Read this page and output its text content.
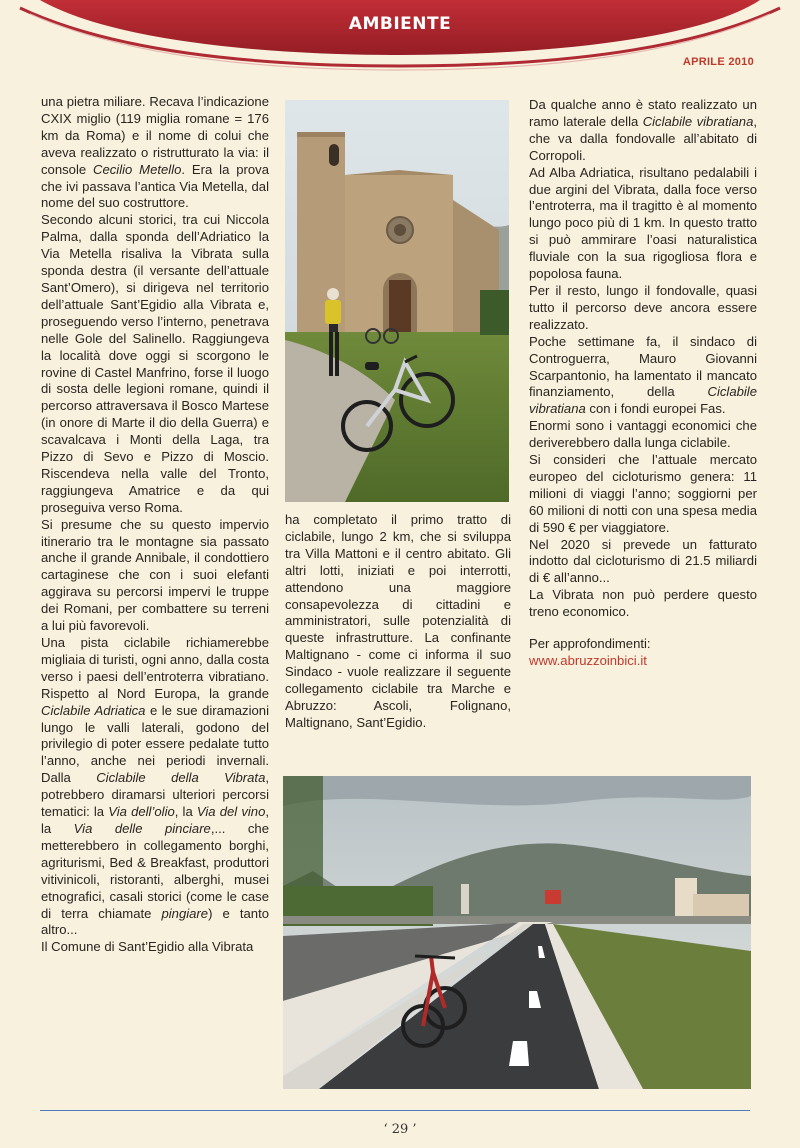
AMBIENTE
APRILE 2010

una pietra miliare. Recava l’indicazione CXIX miglio (119 miglia romane = 176 km da Roma) e il nome di colui che aveva realizzato o ristrutturato la via: il console Cecilio Metello. Era la prova che ivi passava l’antica Via Metella, dal nome del suo costruttore.

Secondo alcuni storici, tra cui Niccola Palma, dalla sponda dell’Adriatico la Via Metella risaliva la Vibrata sulla sponda destra (il versante dell’attuale Sant’Omero), si dirigeva nel territorio dell’attuale Sant’Egidio alla Vibrata e, proseguendo verso l’interno, penetrava nelle Gole del Salinello. Raggiungeva la località dove oggi si scorgono le rovine di Castel Manfrino, forse il luogo di sosta delle legioni romane, quindi il percorso attraversava il Bosco Martese (in onore di Marte il dio della Guerra) e scavalcava i Monti della Laga, tra Pizzo di Sevo e Pizzo di Moscio. Riscendeva nella valle del Tronto, raggiungeva Amatrice e da qui proseguiva verso Roma.

Si presume che su questo impervio itinerario tra le montagne sia passato anche il grande Annibale, il condottiero cartaginese che con i suoi elefanti aggirava su percorsi impervi le truppe dei Romani, per combattere su terreni a lui più favorevoli.

Una pista ciclabile richiamerebbe migliaia di turisti, ogni anno, dalla costa verso i paesi dell’entroterra vibratiano. Rispetto al Nord Europa, la grande Ciclabile Adriatica e le sue diramazioni lungo le valli laterali, godono del privilegio di poter essere pedalate tutto l’anno, anche nei periodi invernali. Dalla Ciclabile della Vibrata, potrebbero diramarsi ulteriori percorsi tematici: la Via dell’olio, la Via del vino, la Via delle pinciare,... che metterebbero in collegamento borghi, agriturismi, Bed & Breakfast, produttori vitivinicoli, ristoranti, alberghi, musei etnografici, casali storici (come le case di terra chiamate pingiare) e tanto altro...

Il Comune di Sant’Egidio alla Vibrata

ha completato il primo tratto di ciclabile, lungo 2 km, che si sviluppa tra Villa Mattoni e il centro abitato. Gli altri lotti, iniziati e poi interrotti, attendono una maggiore consapevolezza di cittadini e amministratori, sulle potenzialità di queste infrastrutture. La confinante Maltignano - come ci informa il suo Sindaco - vuole realizzare il seguente collegamento ciclabile tra Marche e Abruzzo: Ascoli, Folignano, Maltignano, Sant’Egidio.

Da qualche anno è stato realizzato un ramo laterale della Ciclabile vibratiana, che va dalla fondovalle all’abitato di Corropoli.

Ad Alba Adriatica, risultano pedalabili i due argini del Vibrata, dalla foce verso l’entroterra, ma il tragitto è al momento lungo poco più di 1 km. In questo tratto si può ammirare l’oasi naturalistica fluviale con la sua rigogliosa flora e popolosa fauna.

Per il resto, lungo il fondovalle, quasi tutto il percorso deve ancora essere realizzato.

Poche settimane fa, il sindaco di Controguerra, Mauro Giovanni Scarpantonio, ha lamentato il mancato finanziamento, della Ciclabile vibratiana con i fondi europei Fas.

Enormi sono i vantaggi economici che deriverebbero dalla lunga ciclabile.

Si consideri che l’attuale mercato europeo del cicloturismo genera: 11 milioni di viaggi l’anno; soggiorni per 60 milioni di notti con una spesa media di 590 € per viaggiatore.

Nel 2020 si prevede un fatturato indotto dal cicloturismo di 21.5 miliardi di € all’anno...

La Vibrata non può perdere questo treno economico.

Per approfondimenti:

www.abruzzoinbici.it

‘ 29 ’
